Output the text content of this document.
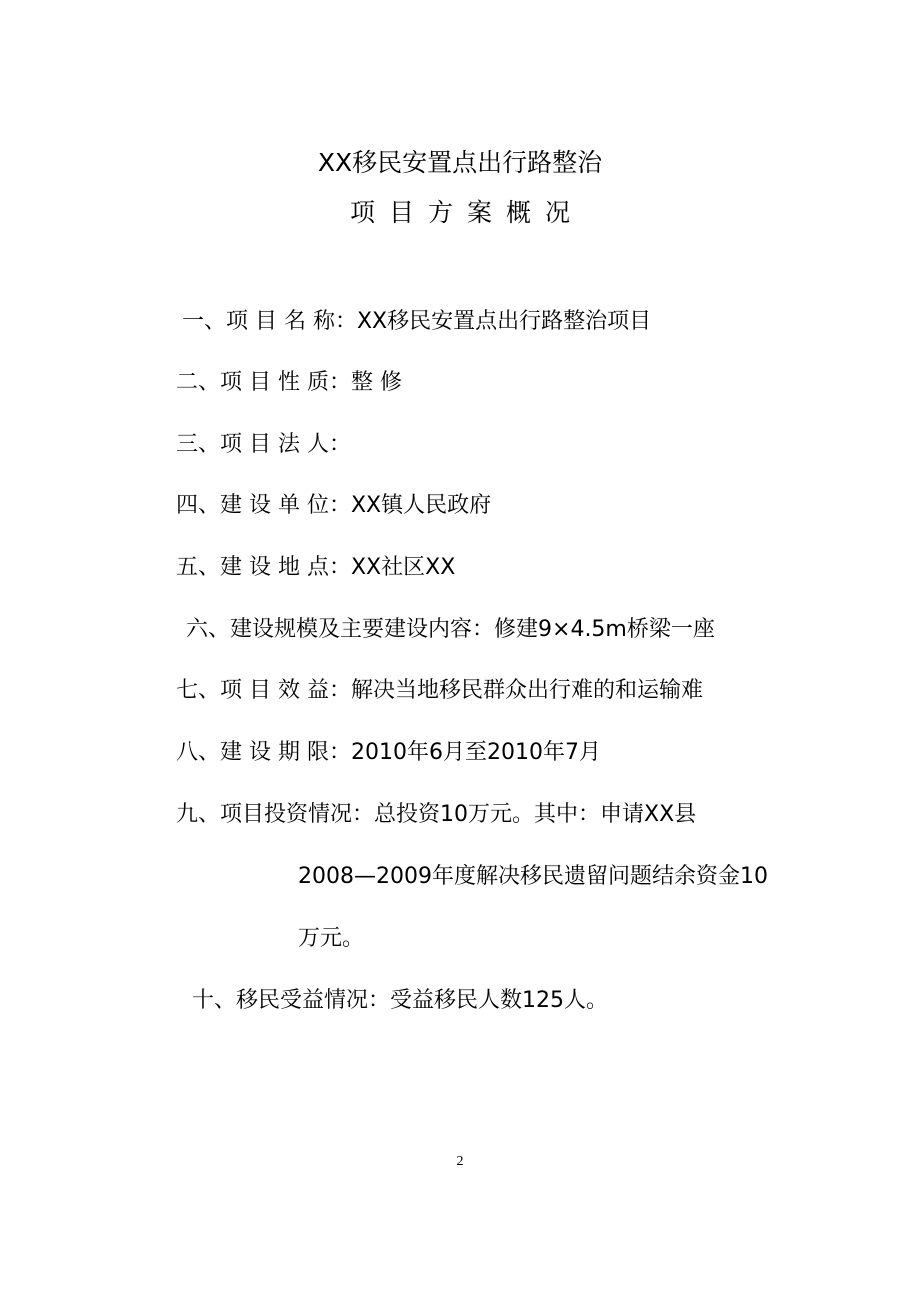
XX移民安置点出行路整治
项目方案概况
一、项 目 名 称：XX移民安置点出行路整治项目
二、项 目 性 质：整 修
三、项 目 法 人：
四、建 设 单 位：XX镇人民政府
五、建 设 地 点：XX社区XX
六、建设规模及主要建设内容：修建9×4.5m桥梁一座
七、项 目 效 益：解决当地移民群众出行难的和运输难
八、建 设 期 限：2010年6月至2010年7月
九、项目投资情况：总投资10万元。其中：申请XX县
2008—2009年度解决移民遗留问题结余资金10
万元。
十、移民受益情况：受益移民人数125人。
2
